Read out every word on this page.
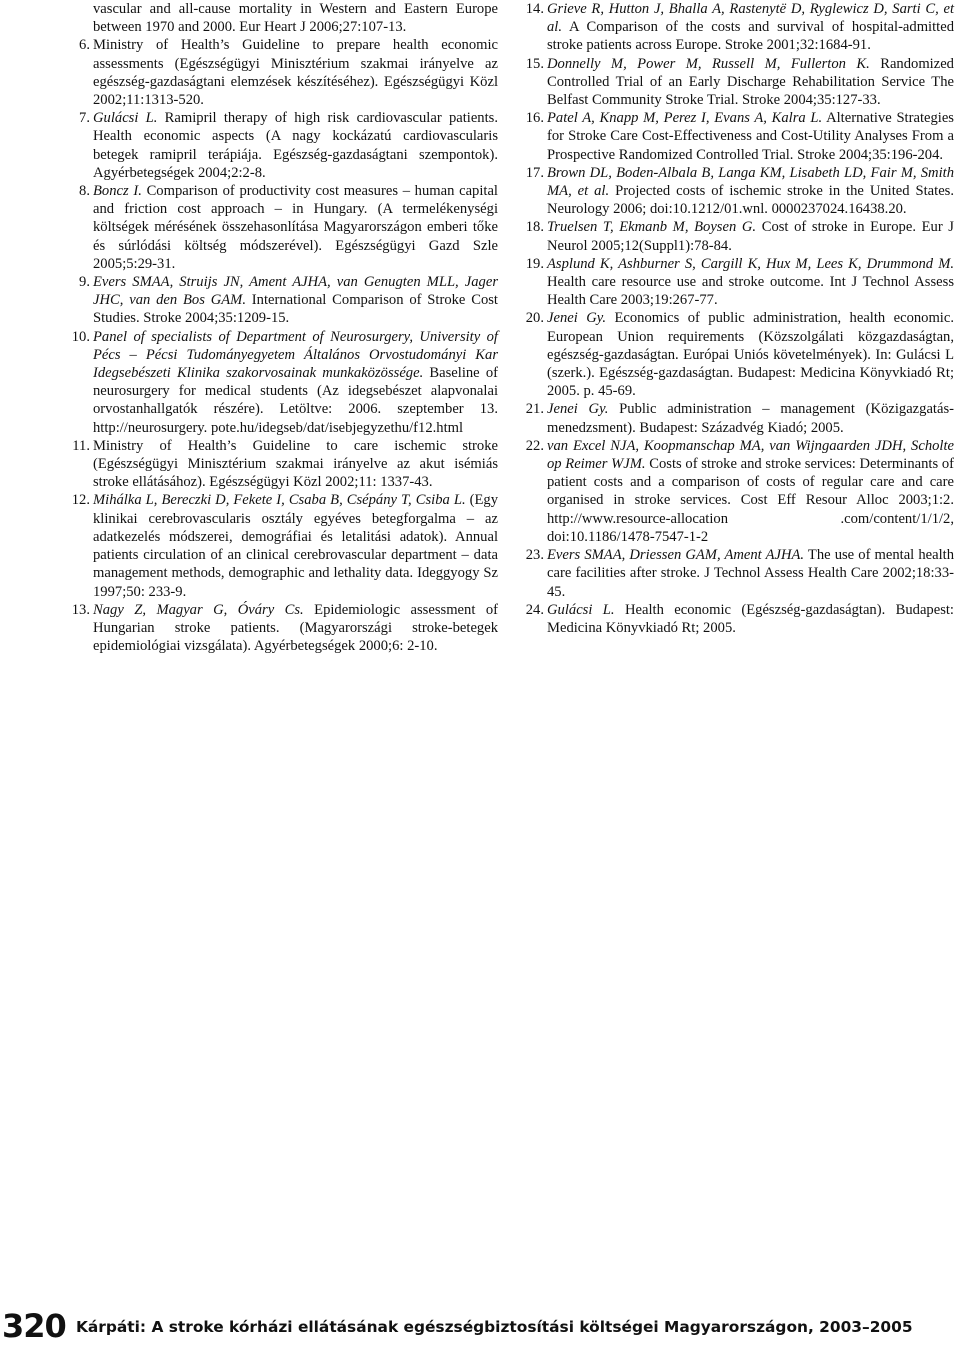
vascular and all-cause mortality in Western and Eastern Europe between 1970 and 2000. Eur Heart J 2006;27:107-13.

6. Ministry of Health’s Guideline to prepare health economic assessments (Egészségügyi Minisztérium szakmai irányelve az egészség-gazdaságtani elemzések készítéséhez). Egészségügyi Közl 2002;11:1313-520.

7. Gulácsi L. Ramipril therapy of high risk cardiovascular patients. Health economic aspects (A nagy kockázatú cardiovascularis betegek ramipril terápiája. Egészség-gazdaságtani szempontok). Agyérbetegségek 2004;2:2-8.

8. Boncz I. Comparison of productivity cost measures – human capital and friction cost approach – in Hungary. (A termelékenységi költségek mérésének összehasonlítása Magyarországon emberi tőke és súrlódási költség módszerével). Egészségügyi Gazd Szle 2005;5:29-31.

9. Evers SMAA, Struijs JN, Ament AJHA, van Genugten MLL, Jager JHC, van den Bos GAM. International Comparison of Stroke Cost Studies. Stroke 2004;35:1209-15.

10. Panel of specialists of Department of Neurosurgery, University of Pécs – Pécsi Tudományegyetem Általános Orvostudományi Kar Idegsebészeti Klinika szakorvosainak munkaközössége. Baseline of neurosurgery for medical students (Az idegsebészet alapvonalai orvostanhallgatók részére). Letöltve: 2006. szeptember 13. http://neurosurgery. pote.hu/idegseb/dat/isebjegyzethu/f12.html

11. Ministry of Health’s Guideline to care ischemic stroke (Egészségügyi Minisztérium szakmai irányelve az akut isémiás stroke ellátásához). Egészségügyi Közl 2002;11: 1337-43.

12. Mihálka L, Bereczki D, Fekete I, Csaba B, Csépány T, Csiba L. (Egy klinikai cerebrovascularis osztály egyéves betegforgalma – az adatkezelés módszerei, demográfiai és letalitási adatok). Annual patients circulation of an clinical cerebrovascular department – data management methods, demographic and lethality data. Ideggyogy Sz 1997;50: 233-9.

13. Nagy Z, Magyar G, Óváry Cs. Epidemiologic assessment of Hungarian stroke patients. (Magyarországi stroke-betegek epidemiológiai vizsgálata). Agyérbetegségek 2000;6: 2-10.

14. Grieve R, Hutton J, Bhalla A, Rastenytë D, Ryglewicz D, Sarti C, et al. A Comparison of the costs and survival of hospital-admitted stroke patients across Europe. Stroke 2001;32:1684-91.

15. Donnelly M, Power M, Russell M, Fullerton K. Randomized Controlled Trial of an Early Discharge Rehabilitation Service The Belfast Community Stroke Trial. Stroke 2004;35:127-33.

16. Patel A, Knapp M, Perez I, Evans A, Kalra L. Alternative Strategies for Stroke Care Cost-Effectiveness and Cost-Utility Analyses From a Prospective Randomized Controlled Trial. Stroke 2004;35:196-204.

17. Brown DL, Boden-Albala B, Langa KM, Lisabeth LD, Fair M, Smith MA, et al. Projected costs of ischemic stroke in the United States. Neurology 2006; doi:10.1212/01.wnl. 0000237024.16438.20.

18. Truelsen T, Ekmanb M, Boysen G. Cost of stroke in Europe. Eur J Neurol 2005;12(Suppl1):78-84.

19. Asplund K, Ashburner S, Cargill K, Hux M, Lees K, Drummond M. Health care resource use and stroke outcome. Int J Technol Assess Health Care 2003;19:267-77.

20. Jenei Gy. Economics of public administration, health economic. European Union requirements (Közszolgálati közgazdaságtan, egészség-gazdaságtan. Európai Uniós követelmények). In: Gulácsi L (szerk.). Egészség-gazdaságtan. Budapest: Medicina Könyvkiadó Rt; 2005. p. 45-69.

21. Jenei Gy. Public administration – management (Közigazgatás-menedzsment). Budapest: Századvég Kiadó; 2005.

22. van Excel NJA, Koopmanschap MA, van Wijngaarden JDH, Scholte op Reimer WJM. Costs of stroke and stroke services: Determinants of patient costs and a comparison of costs of regular care and care organised in stroke services. Cost Eff Resour Alloc 2003;1:2. http://www.resource-allocation .com/content/1/1/2, doi:10.1186/1478-7547-1-2

23. Evers SMAA, Driessen GAM, Ament AJHA. The use of mental health care facilities after stroke. J Technol Assess Health Care 2002;18:33-45.

24. Gulácsi L. Health economic (Egészség-gazdaságtan). Budapest: Medicina Könyvkiadó Rt; 2005.

320 Kárpáti: A stroke kórházi ellátásának egészségbiztosítási költségei Magyarországon, 2003–2005
